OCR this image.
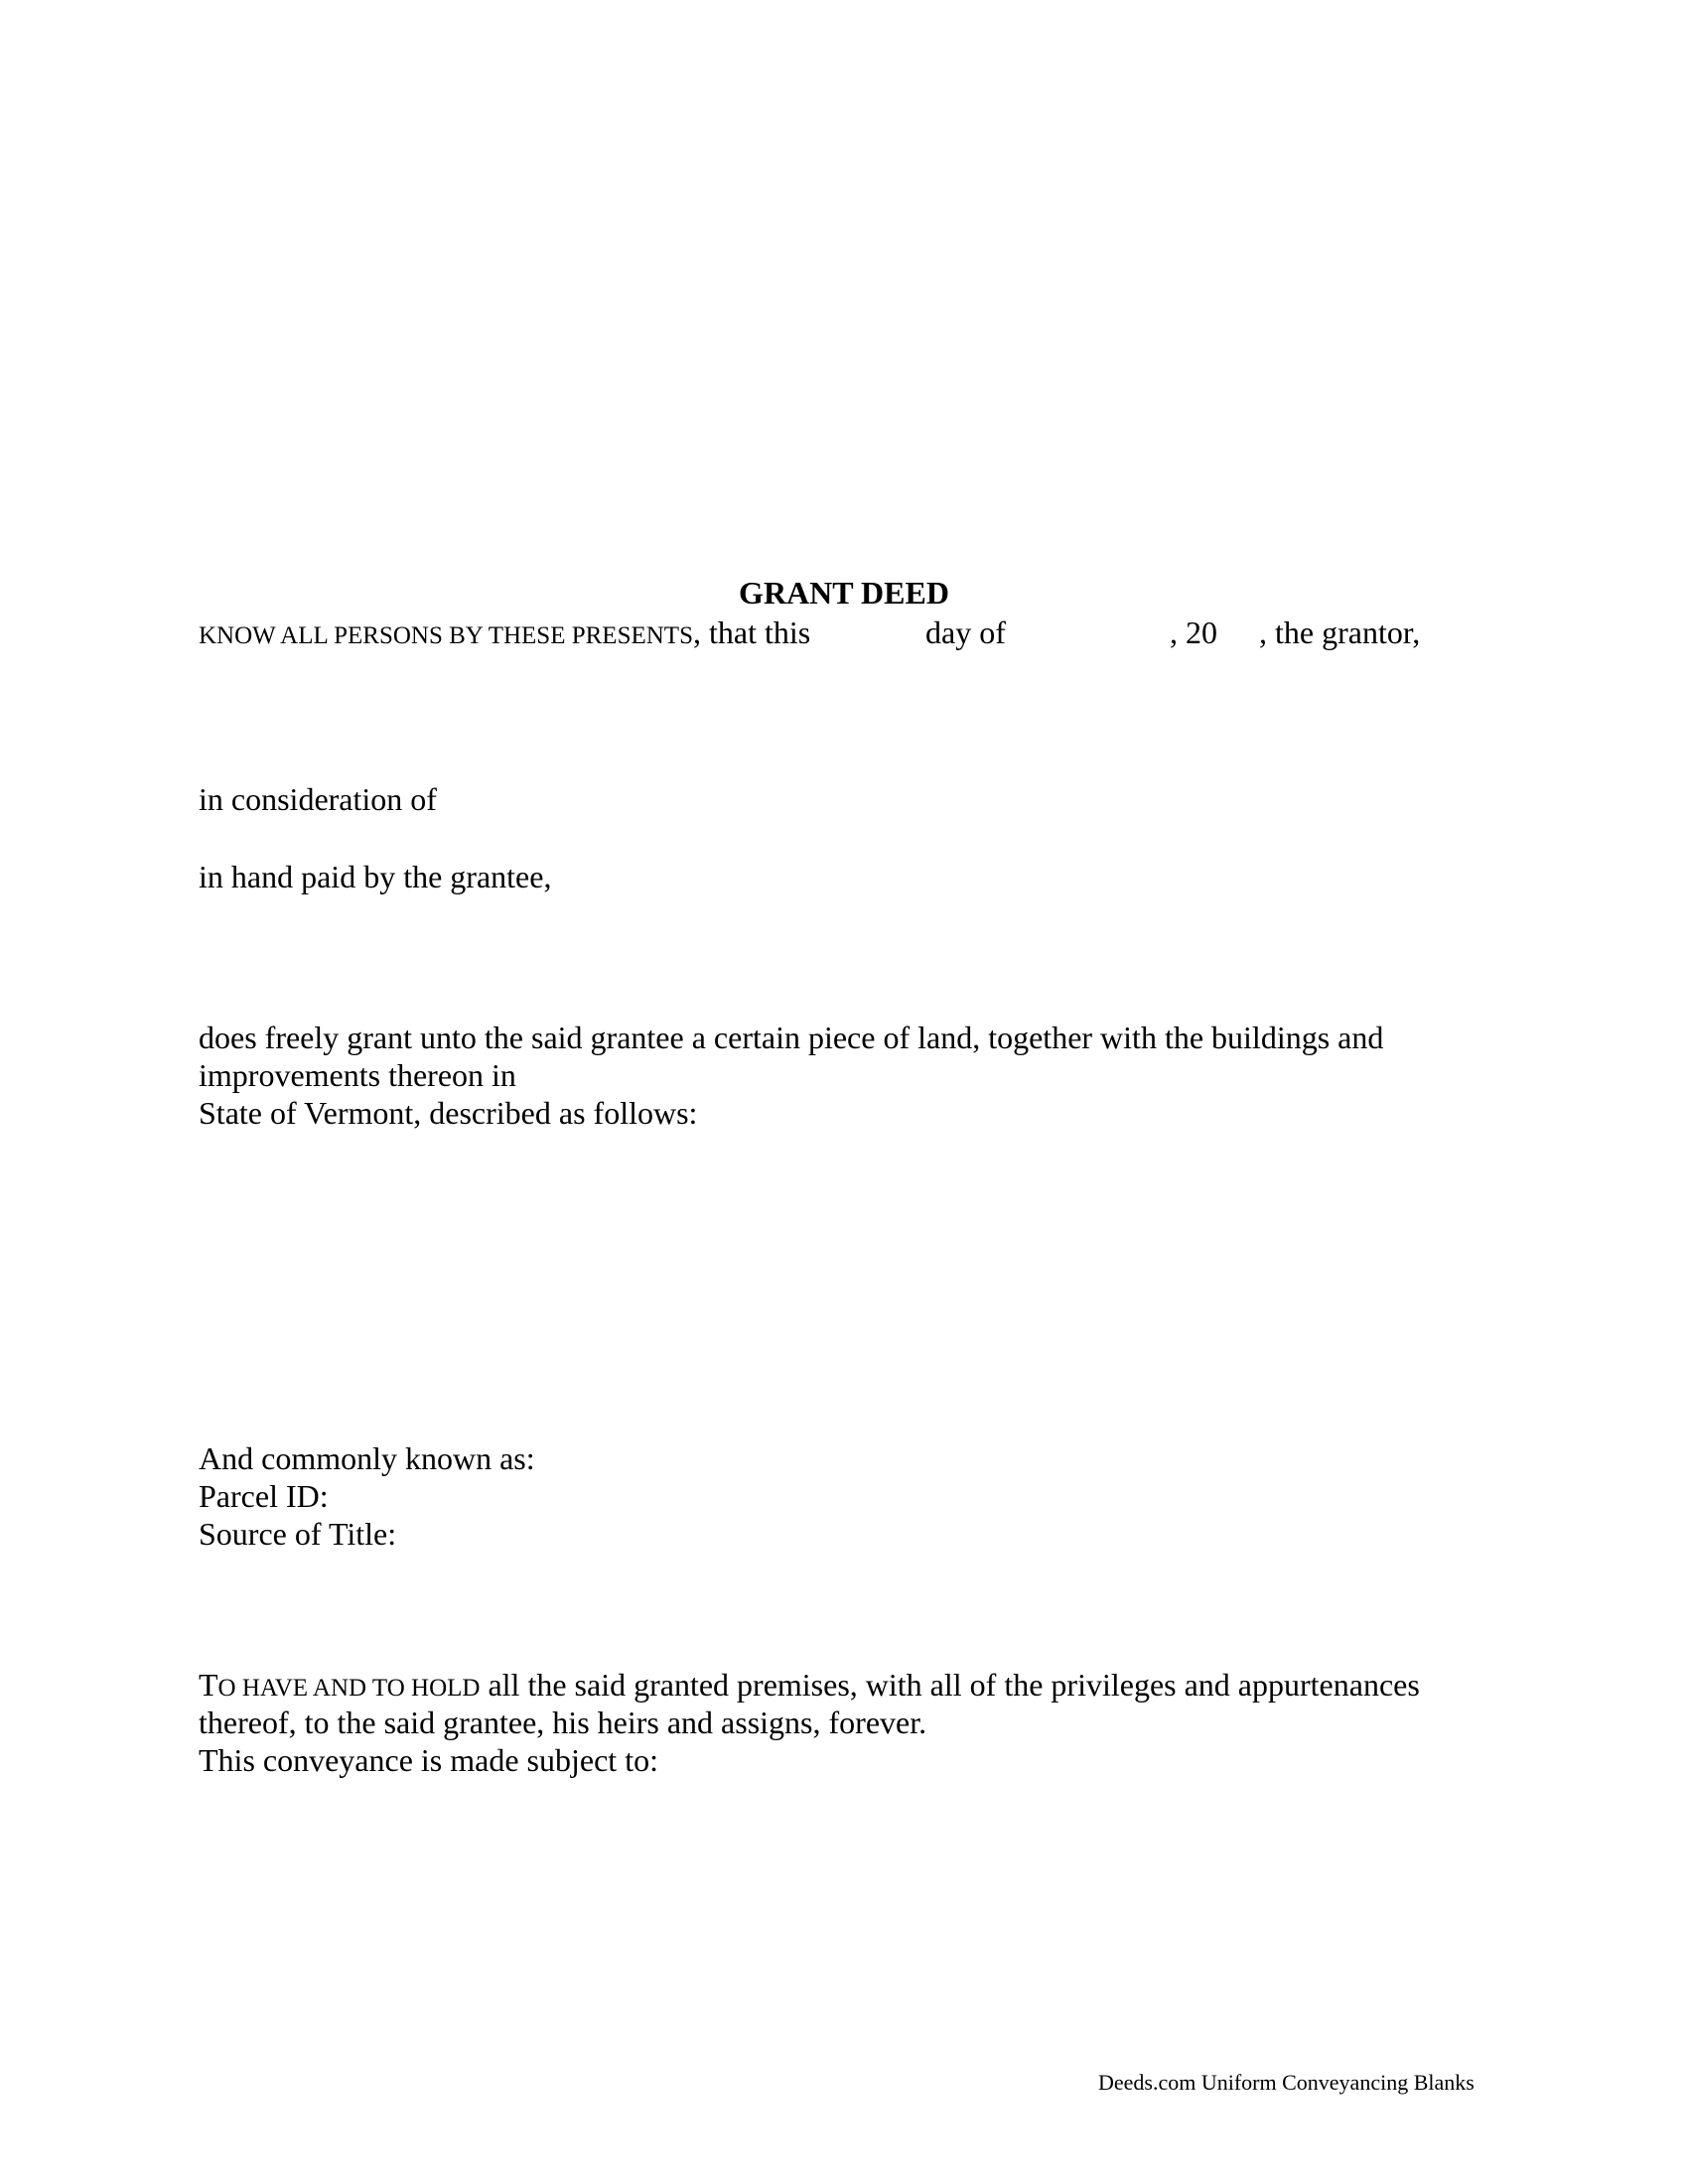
GRANT DEED
KNOW ALL PERSONS BY THESE PRESENTS, that this	day of	, 20 , the grantor,
in consideration of
in hand paid by the grantee,
does freely grant unto the said grantee a certain piece of land, together with the buildings and
improvements thereon in
State of Vermont, described as follows:
And commonly known as:
Parcel ID:
Source of Title:
TO HAVE AND TO HOLD all the said granted premises, with all of the privileges and appurtenances
thereof, to the said grantee, his heirs and assigns, forever.
This conveyance is made subject to:
Deeds.com Uniform Conveyancing Blanks
